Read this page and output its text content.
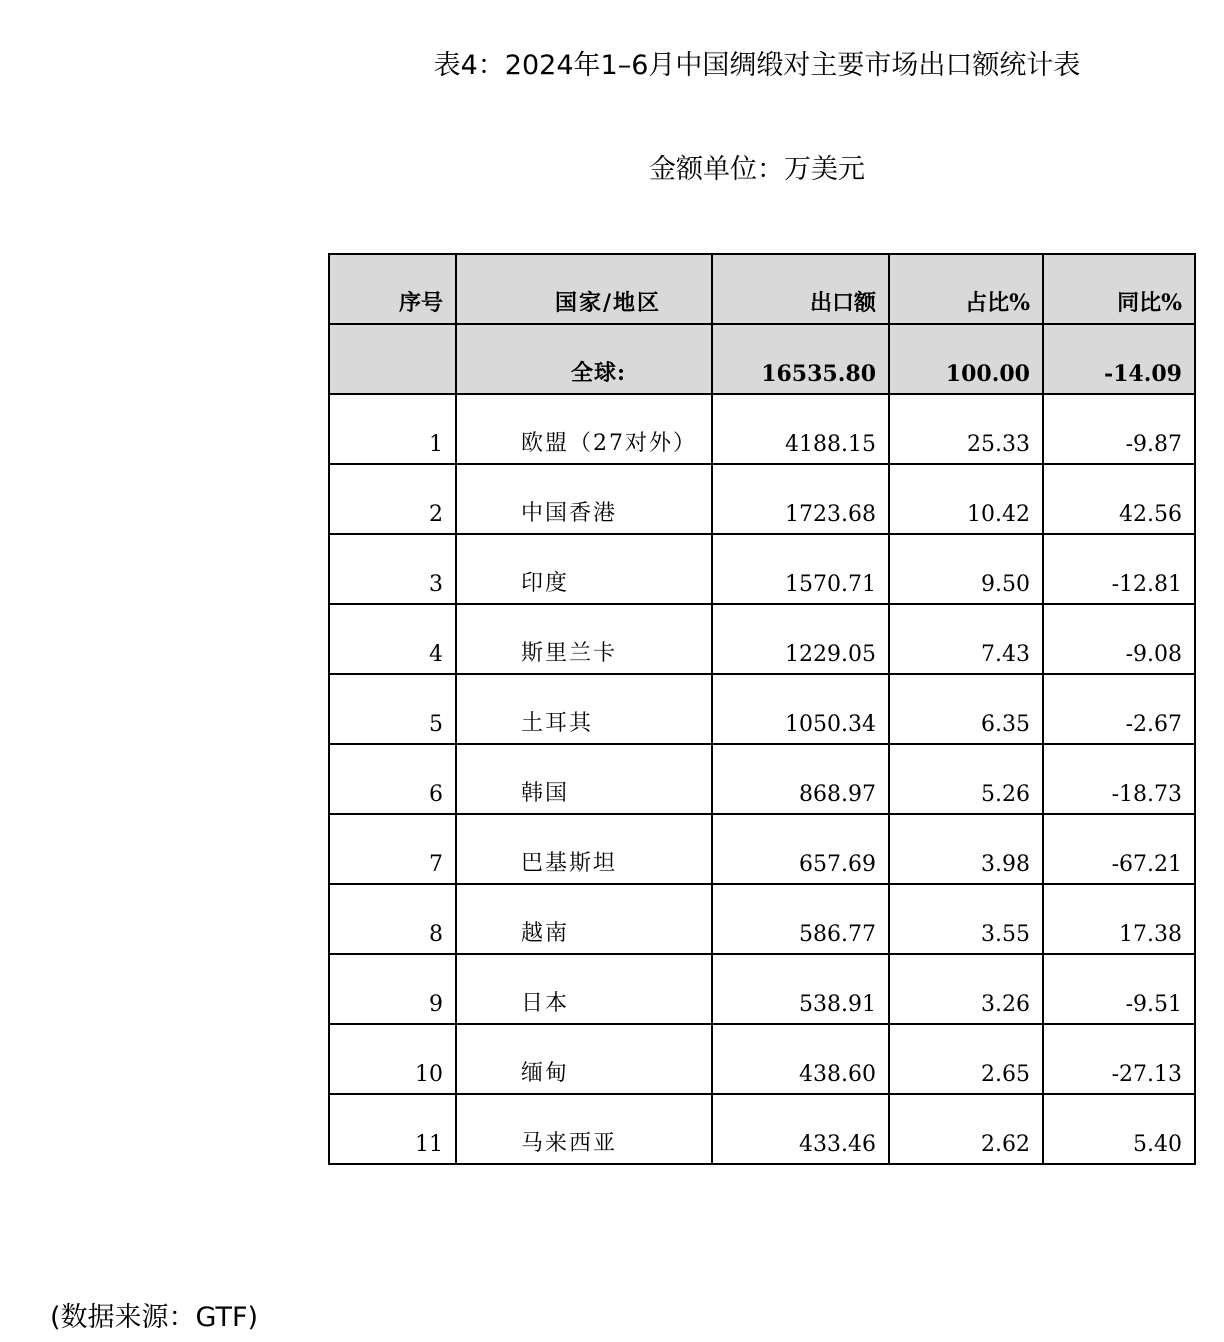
表4：2024年1–6月中国绸缎对主要市场出口额统计表
金额单位：万美元
序号	国家/地区	出口额	占比%	同比%
	全球:	16535.80	100.00	-14.09
1	欧盟（27对外）	4188.15	25.33	-9.87
2	中国香港	1723.68	10.42	42.56
3	印度	1570.71	9.50	-12.81
4	斯里兰卡	1229.05	7.43	-9.08
5	土耳其	1050.34	6.35	-2.67
6	韩国	868.97	5.26	-18.73
7	巴基斯坦	657.69	3.98	-67.21
8	越南	586.77	3.55	17.38
9	日本	538.91	3.26	-9.51
10	缅甸	438.60	2.65	-27.13
11	马来西亚	433.46	2.62	5.40
(数据来源：GTF)
